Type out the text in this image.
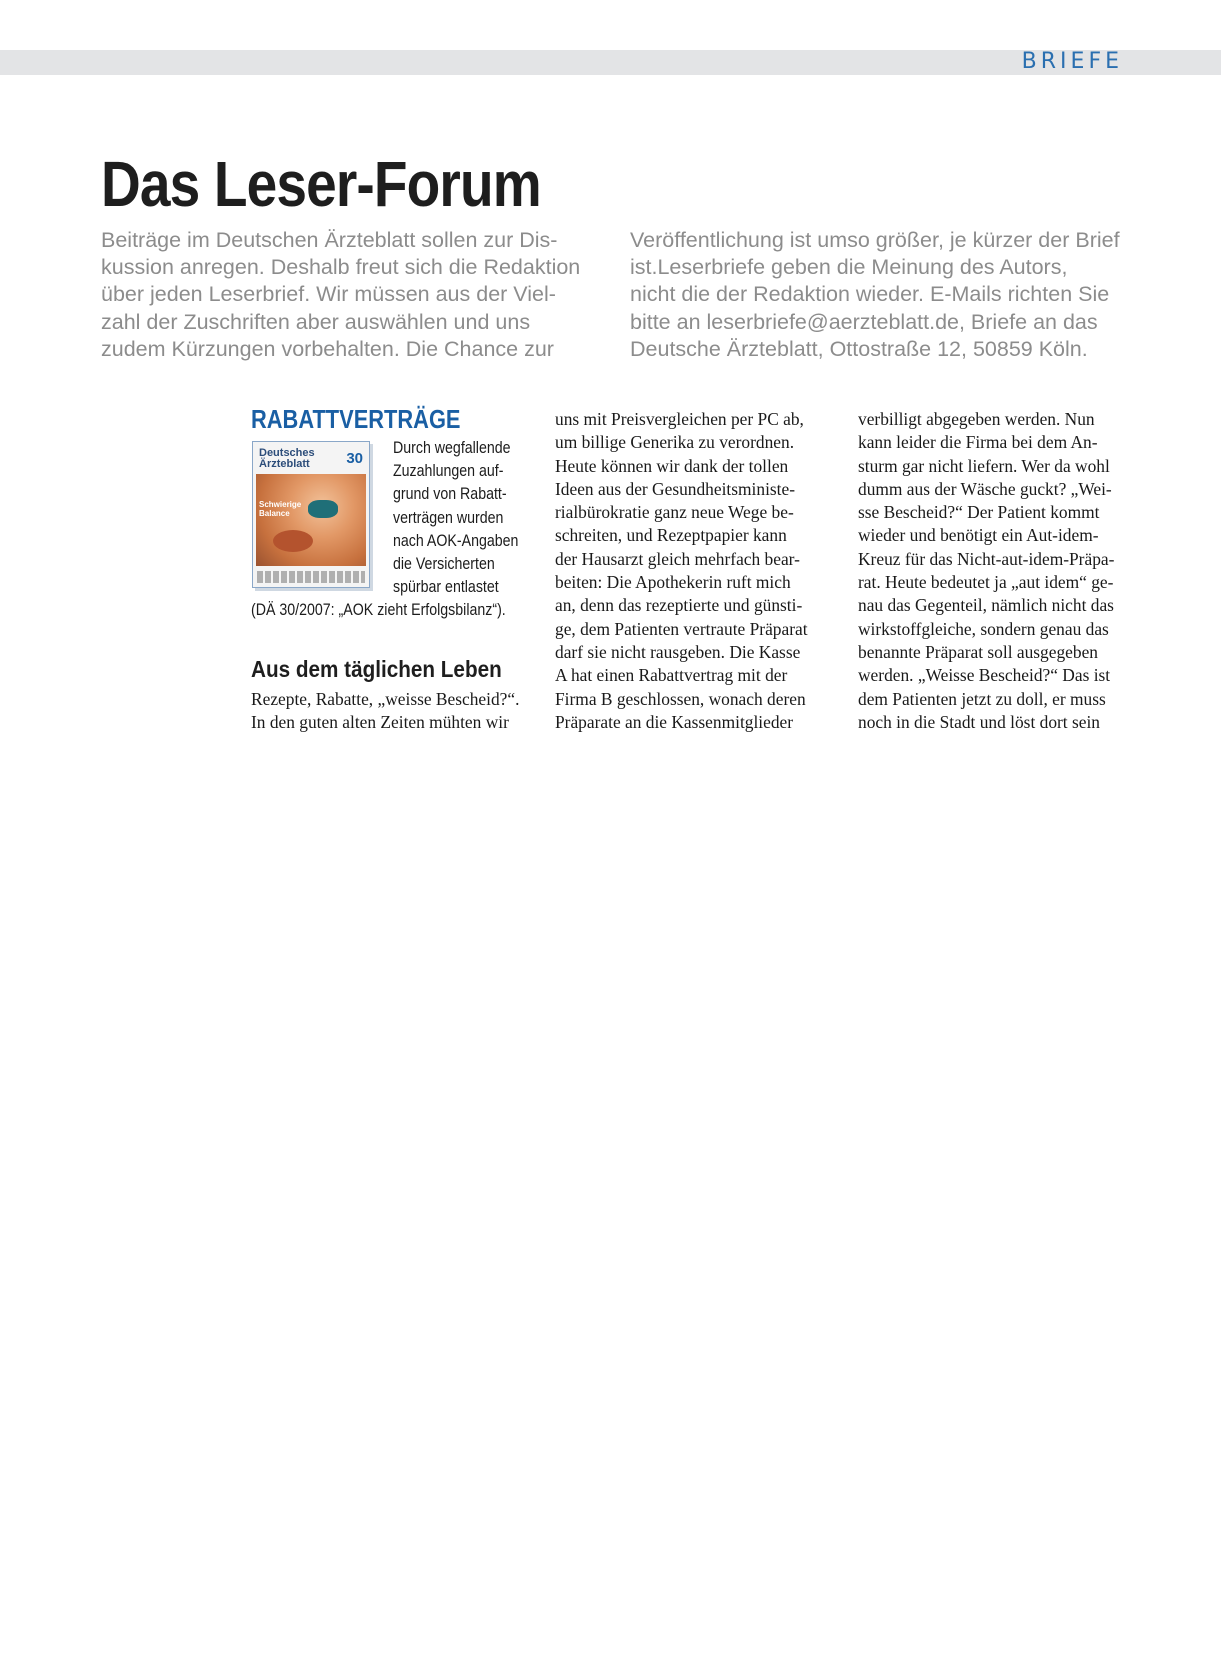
BRIEFE
Das Leser-Forum
Beiträge im Deutschen Ärzteblatt sollen zur Dis-
kussion anregen. Deshalb freut sich die Redaktion
über jeden Leserbrief. Wir müssen aus der Viel-
zahl der Zuschriften aber auswählen und uns
zudem Kürzungen vorbehalten. Die Chance zur
Veröffentlichung ist umso größer, je kürzer der Brief
ist.Leserbriefe geben die Meinung des Autors,
nicht die der Redaktion wieder. E-Mails richten Sie
bitte an leserbriefe@aerzteblatt.de, Briefe an das
Deutsche Ärzteblatt, Ottostraße 12, 50859 Köln.
RABATTVERTRÄGE
Deutsches Ärzteblatt	30
Schwierige Balance
Durch wegfallende
Zuzahlungen auf-
grund von Rabatt-
verträgen wurden
nach AOK-Angaben
die Versicherten
spürbar entlastet
(DÄ 30/2007: „AOK zieht Erfolgsbilanz“).
Aus dem täglichen Leben
Rezepte, Rabatte, „weisse Bescheid?“.
In den guten alten Zeiten mühten wir
uns mit Preisvergleichen per PC ab,
um billige Generika zu verordnen.
Heute können wir dank der tollen
Ideen aus der Gesundheitsministe-
rialbürokratie ganz neue Wege be-
schreiten, und Rezeptpapier kann
der Hausarzt gleich mehrfach bear-
beiten: Die Apothekerin ruft mich
an, denn das rezeptierte und günsti-
ge, dem Patienten vertraute Präparat
darf sie nicht rausgeben. Die Kasse
A hat einen Rabattvertrag mit der
Firma B geschlossen, wonach deren
Präparate an die Kassenmitglieder
verbilligt abgegeben werden. Nun
kann leider die Firma bei dem An-
sturm gar nicht liefern. Wer da wohl
dumm aus der Wäsche guckt? „Wei-
sse Bescheid?“ Der Patient kommt
wieder und benötigt ein Aut-idem-
Kreuz für das Nicht-aut-idem-Präpa-
rat. Heute bedeutet ja „aut idem“ ge-
nau das Gegenteil, nämlich nicht das
wirkstoffgleiche, sondern genau das
benannte Präparat soll ausgegeben
werden. „Weisse Bescheid?“ Das ist
dem Patienten jetzt zu doll, er muss
noch in die Stadt und löst dort sein
